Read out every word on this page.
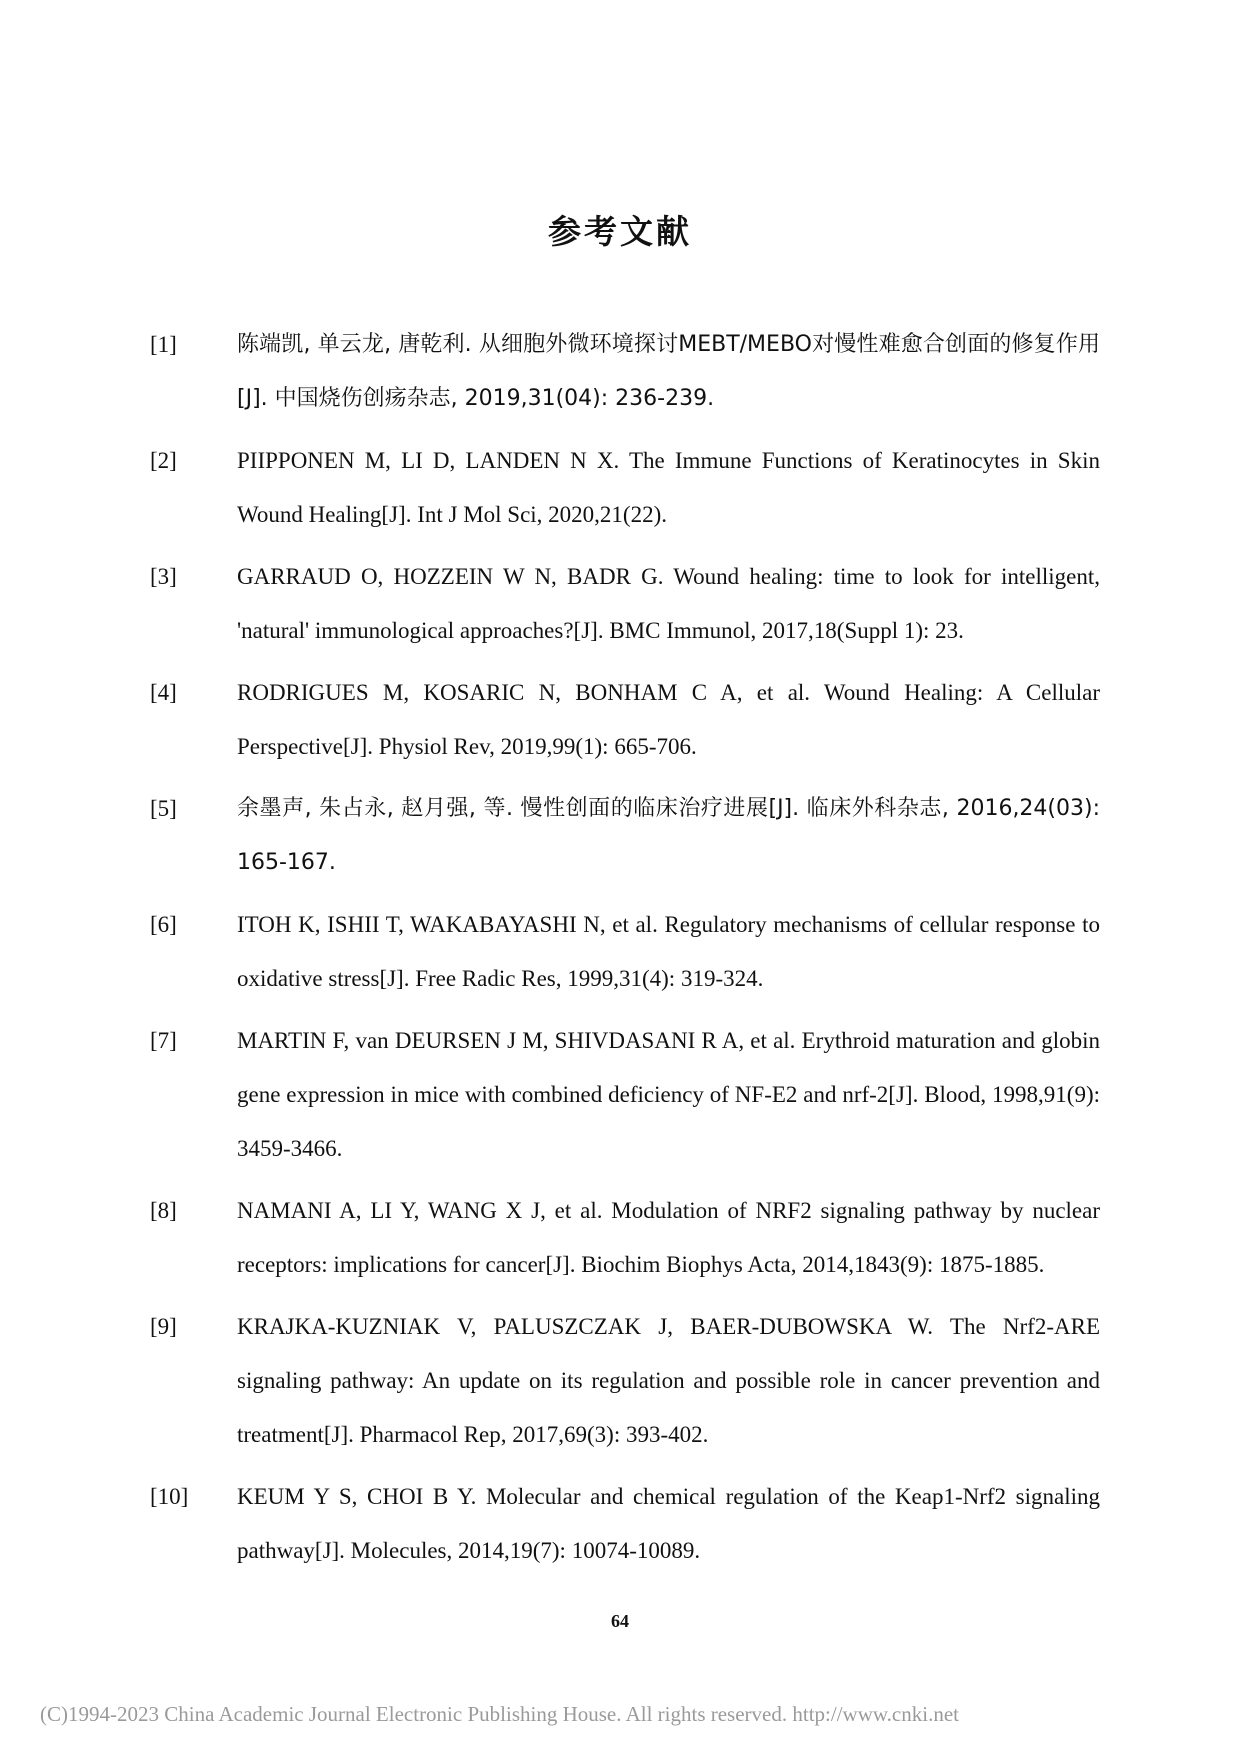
参考文献
[1]	陈端凯, 单云龙, 唐乾利. 从细胞外微环境探讨MEBT/MEBO对慢性难愈合创面的修复作用[J]. 中国烧伤创疡杂志, 2019,31(04): 236-239.
[2]	PIIPPONEN M, LI D, LANDEN N X. The Immune Functions of Keratinocytes in Skin Wound Healing[J]. Int J Mol Sci, 2020,21(22).
[3]	GARRAUD O, HOZZEIN W N, BADR G. Wound healing: time to look for intelligent, 'natural' immunological approaches?[J]. BMC Immunol, 2017,18(Suppl 1): 23.
[4]	RODRIGUES M, KOSARIC N, BONHAM C A, et al. Wound Healing: A Cellular Perspective[J]. Physiol Rev, 2019,99(1): 665-706.
[5]	余墨声, 朱占永, 赵月强, 等. 慢性创面的临床治疗进展[J]. 临床外科杂志, 2016,24(03): 165-167.
[6]	ITOH K, ISHII T, WAKABAYASHI N, et al. Regulatory mechanisms of cellular response to oxidative stress[J]. Free Radic Res, 1999,31(4): 319-324.
[7]	MARTIN F, van DEURSEN J M, SHIVDASANI R A, et al. Erythroid maturation and globin gene expression in mice with combined deficiency of NF-E2 and nrf-2[J]. Blood, 1998,91(9): 3459-3466.
[8]	NAMANI A, LI Y, WANG X J, et al. Modulation of NRF2 signaling pathway by nuclear receptors: implications for cancer[J]. Biochim Biophys Acta, 2014,1843(9): 1875-1885.
[9]	KRAJKA-KUZNIAK V, PALUSZCZAK J, BAER-DUBOWSKA W. The Nrf2-ARE signaling pathway: An update on its regulation and possible role in cancer prevention and treatment[J]. Pharmacol Rep, 2017,69(3): 393-402.
[10]	KEUM Y S, CHOI B Y. Molecular and chemical regulation of the Keap1-Nrf2 signaling pathway[J]. Molecules, 2014,19(7): 10074-10089.
64
(C)1994-2023 China Academic Journal Electronic Publishing House. All rights reserved. http://www.cnki.net
